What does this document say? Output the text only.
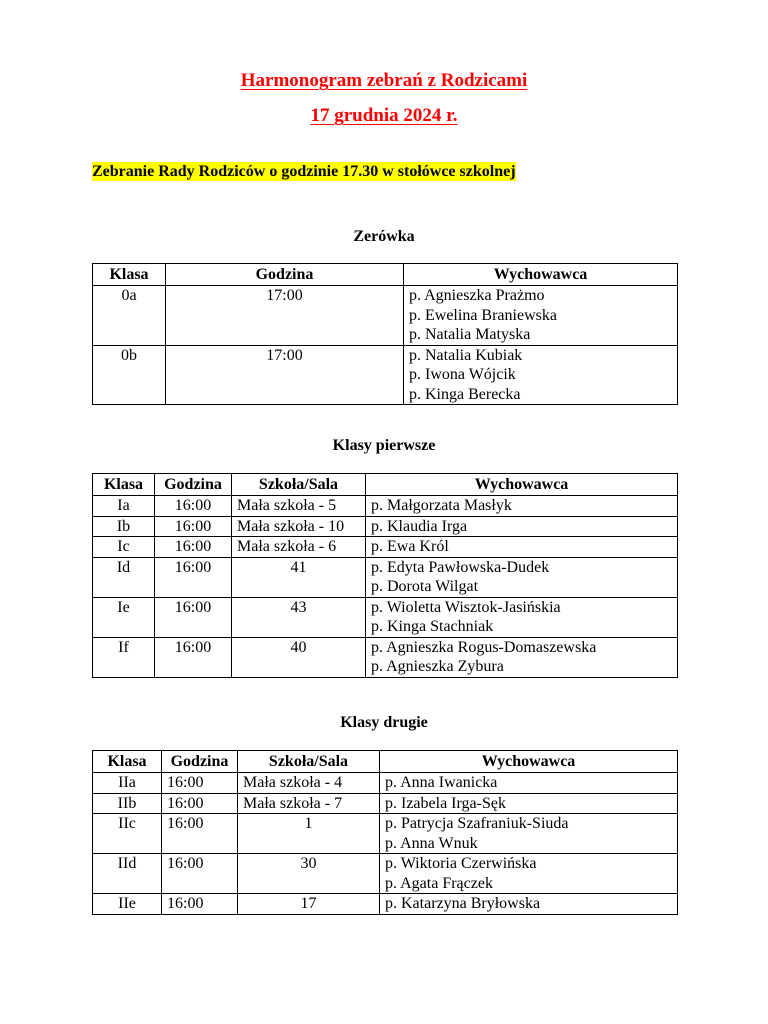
Harmonogram zebrań z Rodzicami

17 grudnia 2024 r.

Zebranie Rady Rodziców o godzinie 17.30 w stołówce szkolnej

Zerówka

Klasa	Godzina	Wychowawca
0a	17:00	p. Agnieszka Prażmo
p. Ewelina Braniewska
p. Natalia Matyska

0b	17:00	p. Natalia Kubiak
p. Iwona Wójcik
p. Kinga Berecka

Klasy pierwsze

Klasa	Godzina	Szkoła/Sala	Wychowawca
Ia	16:00	Mała szkoła - 5	p. Małgorzata Masłyk

Ib	16:00	Mała szkoła - 10	p. Klaudia Irga

Ic	16:00	Mała szkoła - 6	p. Ewa Król

Id	16:00	41	p. Edyta Pawłowska-Dudek
p. Dorota Wilgat

Ie	16:00	43	p. Wioletta Wisztok-Jasińskia
p. Kinga Stachniak

If	16:00	40	p. Agnieszka Rogus-Domaszewska
p. Agnieszka Zybura

Klasy drugie

Klasa	Godzina	Szkoła/Sala	Wychowawca
IIa	16:00	Mała szkoła - 4	p. Anna Iwanicka

IIb	16:00	Mała szkoła - 7	p. Izabela Irga-Sęk

IIc	16:00	1	p. Patrycja Szafraniuk-Siuda
p. Anna Wnuk

IId	16:00	30	p. Wiktoria Czerwińska
p. Agata Frączek

IIe	16:00	17	p. Katarzyna Bryłowska
